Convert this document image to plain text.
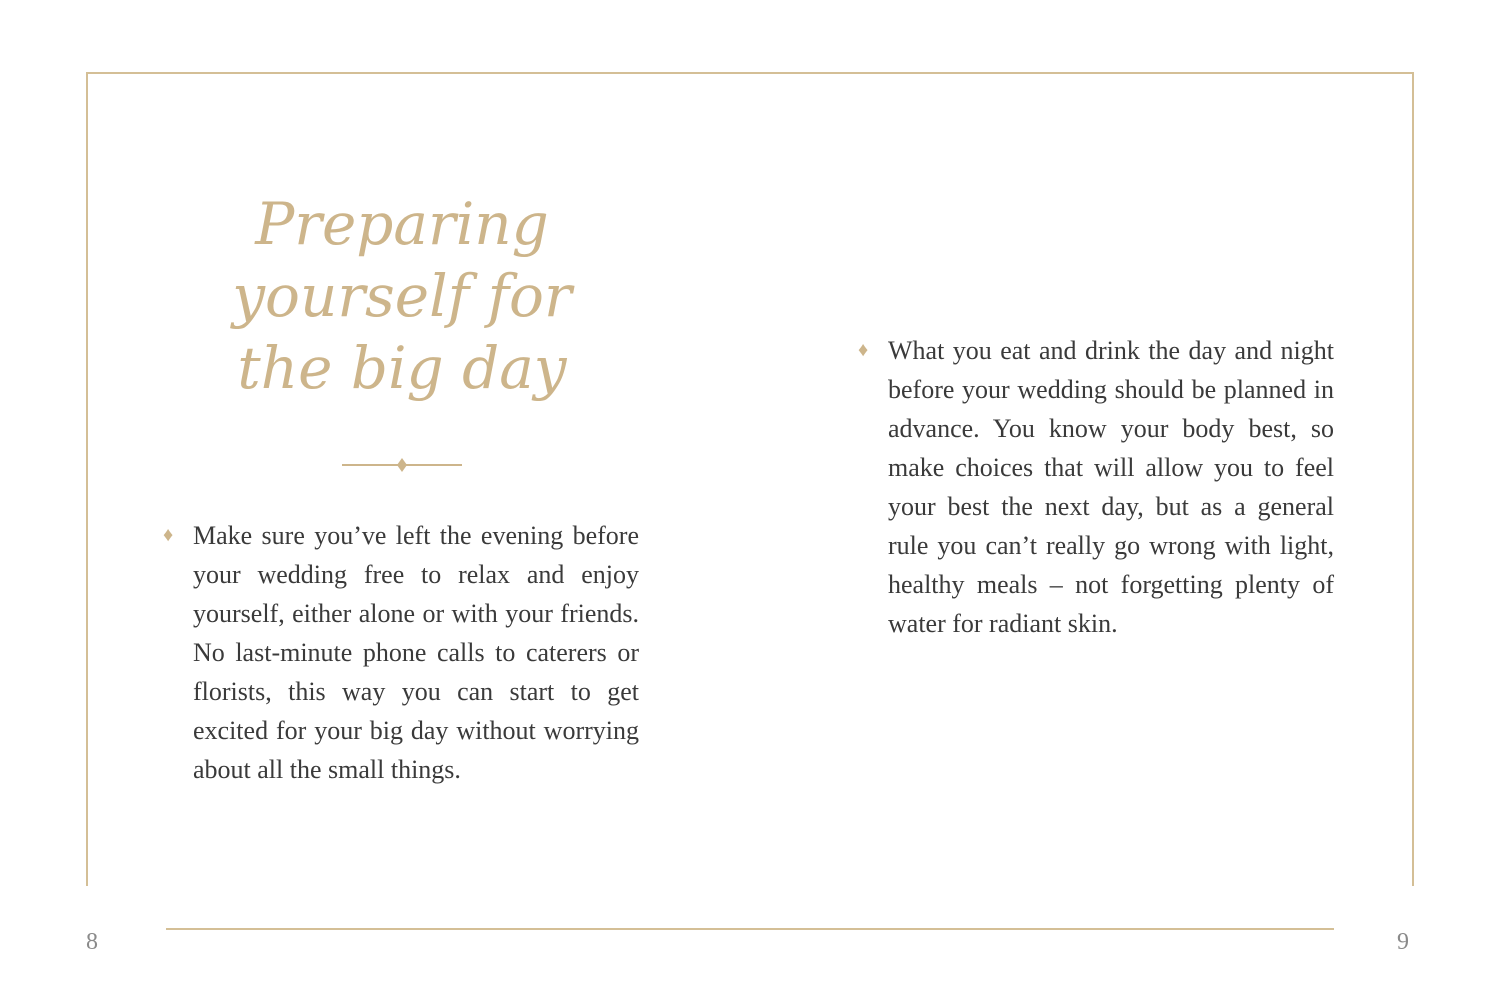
Preparing
yourself for
the big day
♦ Make sure you’ve left the evening before your wedding free to relax and enjoy yourself, either alone or with your friends. No last-minute phone calls to caterers or florists, this way you can start to get excited for your big day without worrying about all the small things.

♦ What you eat and drink the day and night before your wedding should be planned in advance. You know your body best, so make choices that will allow you to feel your best the next day, but as a general rule you can’t really go wrong with light, healthy meals – not forgetting plenty of water for radiant skin.

8	9
